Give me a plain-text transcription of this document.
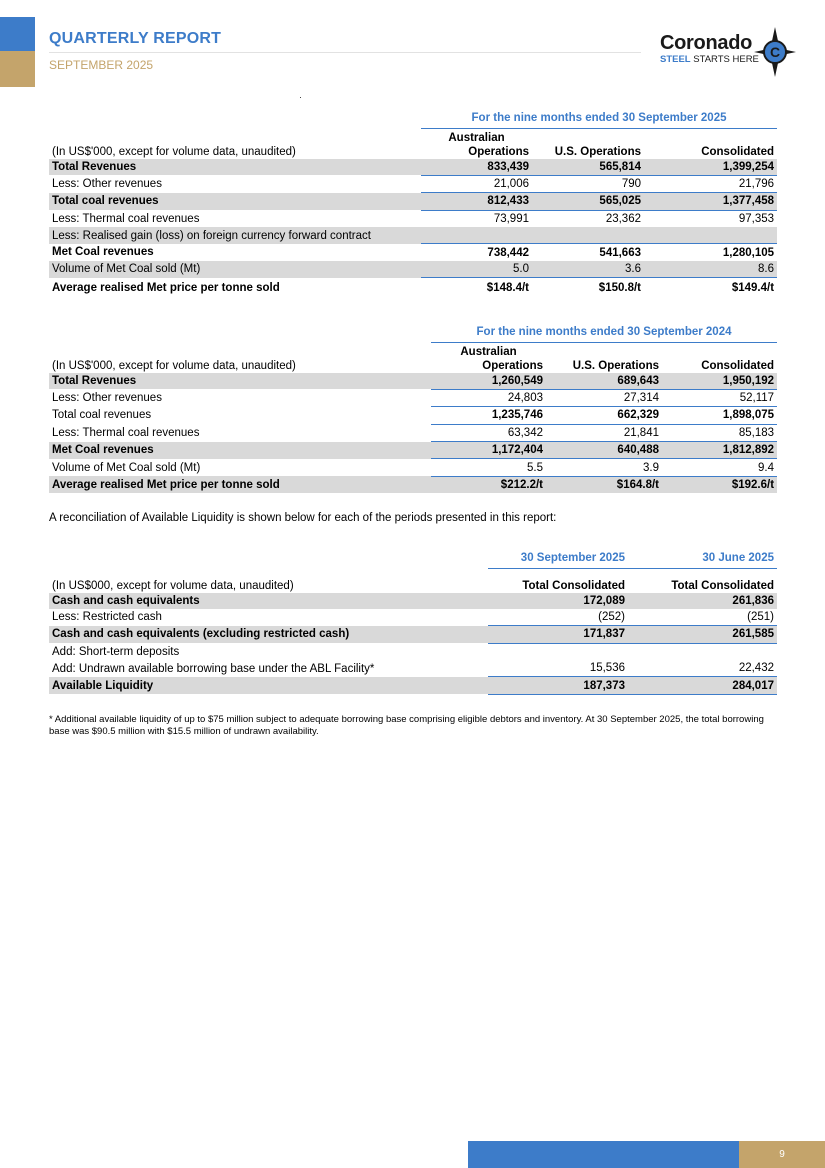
QUARTERLY REPORT
SEPTEMBER 2025
Coronado
STEEL STARTS HERE C
	For the nine months ended 30 September 2025		
(In US$'000, except for volume data, unaudited)	Australian
Operations	U.S. Operations	Consolidated
Total Revenues	833,439	565,814	1,399,254
Less: Other revenues	21,006	790	21,796
Total coal revenues	812,433	565,025	1,377,458
Less: Thermal coal revenues	73,991	23,362	97,353
Less: Realised gain (loss) on foreign currency forward contract			
Met Coal revenues	738,442	541,663	1,280,105
Volume of Met Coal sold (Mt)	5.0	3.6	8.6
Average realised Met price per tonne sold	$148.4/t	$150.8/t	$149.4/t
	For the nine months ended 30 September 2024		
(In US$'000, except for volume data, unaudited)	Australian
Operations	U.S. Operations	Consolidated
Total Revenues	1,260,549	689,643	1,950,192
Less: Other revenues	24,803	27,314	52,117
Total coal revenues	1,235,746	662,329	1,898,075
Less: Thermal coal revenues	63,342	21,841	85,183
Met Coal revenues	1,172,404	640,488	1,812,892
Volume of Met Coal sold (Mt)	5.5	3.9	9.4
Average realised Met price per tonne sold	$212.2/t	$164.8/t	$192.6/t
A reconciliation of Available Liquidity is shown below for each of the periods presented in this report:
	30 September 2025	30 June 2025
(In US$000, except for volume data, unaudited)	Total Consolidated	Total Consolidated
Cash and cash equivalents	172,089	261,836
Less: Restricted cash	(252)	(251)
Cash and cash equivalents (excluding restricted cash)	171,837	261,585
Add: Short-term deposits		
Add: Undrawn available borrowing base under the ABL Facility*	15,536	22,432
Available Liquidity	187,373	284,017
* Additional available liquidity of up to $75 million subject to adequate borrowing base comprising eligible debtors and inventory. At 30 September 2025, the total borrowing base was $90.5 million with $15.5 million of undrawn availability.
9
